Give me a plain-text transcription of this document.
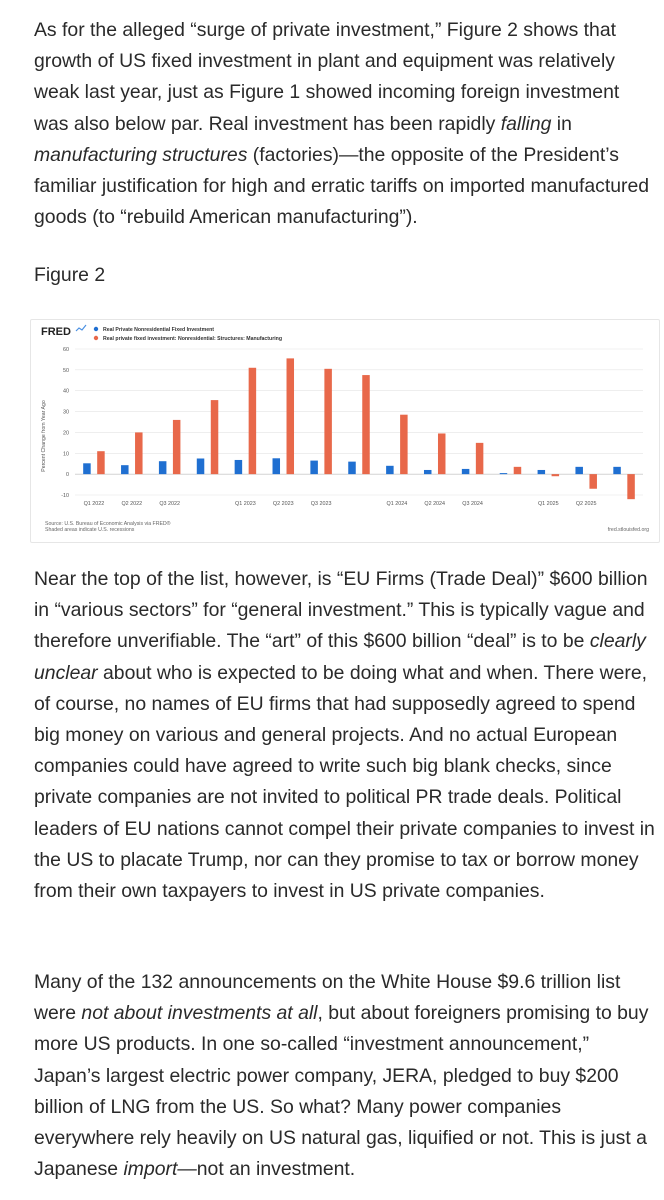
As for the alleged “surge of private investment,” Figure 2 shows that growth of US fixed investment in plant and equipment was relatively weak last year, just as Figure 1 showed incoming foreign investment was also below par. Real investment has been rapidly falling in manufacturing structures (factories)—the opposite of the President’s familiar justification for high and erratic tariffs on imported manufactured goods (to “rebuild American manufacturing”).

Figure 2

60
50
40
30
20
10
0
-10
Q1 2022	Q2 2022	Q3 2022	Q1 2023	Q2 2023	Q3 2023	Q1 2024	Q2 2024	Q3 2024	Q1 2025	Q2 2025
FRED	Real Private Nonresidential Fixed Investment
Real private fixed investment: Nonresidential: Structures: Manufacturing
Percent Change from Year Ago
Source: U.S. Bureau of Economic Analysis via FRED®
Shaded areas indicate U.S. recessions	fred.stlouisfed.org

Near the top of the list, however, is “EU Firms (Trade Deal)” $600 billion in “various sectors” for “general investment.” This is typically vague and therefore unverifiable. The “art” of this $600 billion “deal” is to be clearly unclear about who is expected to be doing what and when. There were, of course, no names of EU firms that had supposedly agreed to spend big money on various and general projects. And no actual European companies could have agreed to write such big blank checks, since private companies are not invited to political PR trade deals. Political leaders of EU nations cannot compel their private companies to invest in the US to placate Trump, nor can they promise to tax or borrow money from their own taxpayers to invest in US private companies.

Many of the 132 announcements on the White House $9.6 trillion list were not about investments at all, but about foreigners promising to buy more US products. In one so-called “investment announcement,” Japan’s largest electric power company, JERA, pledged to buy $200 billion of LNG from the US. So what? Many power companies everywhere rely heavily on US natural gas, liquified or not. This is just a Japanese import—not an investment.
